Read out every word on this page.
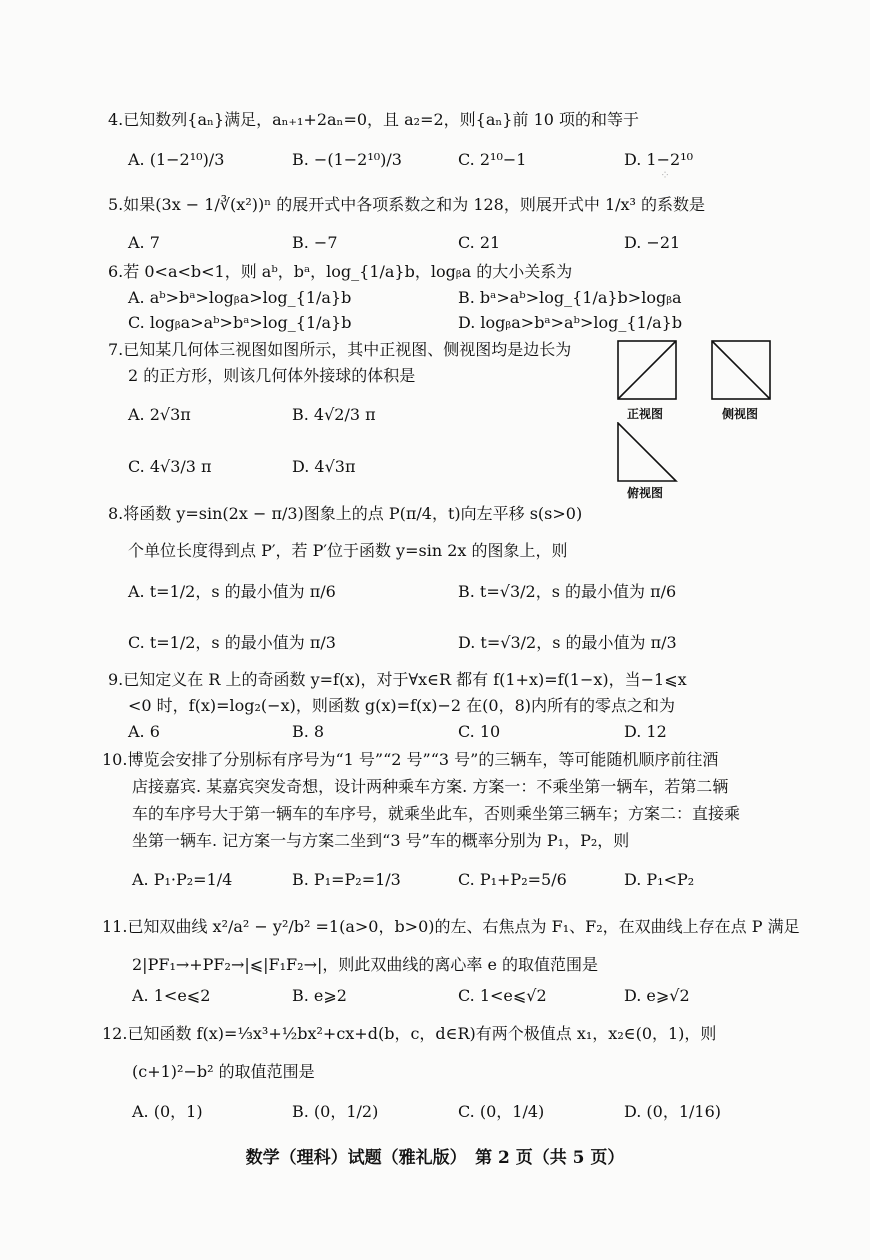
4.已知数列{aₙ}满足，aₙ₊₁+2aₙ=0，且 a₂=2，则{aₙ}前 10 项的和等于
A. (1−2¹⁰)/3	B. −(1−2¹⁰)/3	C. 2¹⁰−1	D. 1−2¹⁰
⁘
5.如果(3x − 1/∛(x²))ⁿ 的展开式中各项系数之和为 128，则展开式中 1/x³ 的系数是
A. 7	B. −7	C. 21	D. −21
6.若 0<a<b<1，则 aᵇ，bᵃ，log_{1/a}b，logᵦa 的大小关系为
A. aᵇ>bᵃ>logᵦa>log_{1/a}b	B. bᵃ>aᵇ>log_{1/a}b>logᵦa
C. logᵦa>aᵇ>bᵃ>log_{1/a}b	D. logᵦa>bᵃ>aᵇ>log_{1/a}b
7.已知某几何体三视图如图所示，其中正视图、侧视图均是边长为
2 的正方形，则该几何体外接球的体积是
A. 2√3π	B. 4√2/3 π
C. 4√3/3 π	D. 4√3π
正视图	侧视图
俯视图
8.将函数 y=sin(2x − π/3)图象上的点 P(π/4，t)向左平移 s(s>0)
个单位长度得到点 P′，若 P′位于函数 y=sin 2x 的图象上，则
A. t=1/2，s 的最小值为 π/6	B. t=√3/2，s 的最小值为 π/6
C. t=1/2，s 的最小值为 π/3	D. t=√3/2，s 的最小值为 π/3
9.已知定义在 R 上的奇函数 y=f(x)，对于∀x∈R 都有 f(1+x)=f(1−x)，当−1⩽x
<0 时，f(x)=log₂(−x)，则函数 g(x)=f(x)−2 在(0，8)内所有的零点之和为
A. 6	B. 8	C. 10	D. 12
10.博览会安排了分别标有序号为“1 号”“2 号”“3 号”的三辆车，等可能随机顺序前往酒
店接嘉宾. 某嘉宾突发奇想，设计两种乘车方案. 方案一：不乘坐第一辆车，若第二辆
车的车序号大于第一辆车的车序号，就乘坐此车，否则乘坐第三辆车；方案二：直接乘
坐第一辆车. 记方案一与方案二坐到“3 号”车的概率分别为 P₁，P₂，则
A. P₁·P₂=1/4	B. P₁=P₂=1/3	C. P₁+P₂=5/6	D. P₁<P₂
11.已知双曲线 x²/a² − y²/b² =1(a>0，b>0)的左、右焦点为 F₁、F₂，在双曲线上存在点 P 满足
2|PF₁→+PF₂→|⩽|F₁F₂→|，则此双曲线的离心率 e 的取值范围是
A. 1<e⩽2	B. e⩾2	C. 1<e⩽√2	D. e⩾√2
12.已知函数 f(x)=⅓x³+½bx²+cx+d(b，c，d∈R)有两个极值点 x₁，x₂∈(0，1)，则
(c+1)²−b² 的取值范围是
A. (0，1)	B. (0，1/2)	C. (0，1/4)	D. (0，1/16)
数学（理科）试题（雅礼版）　第 2 页（共 5 页）
